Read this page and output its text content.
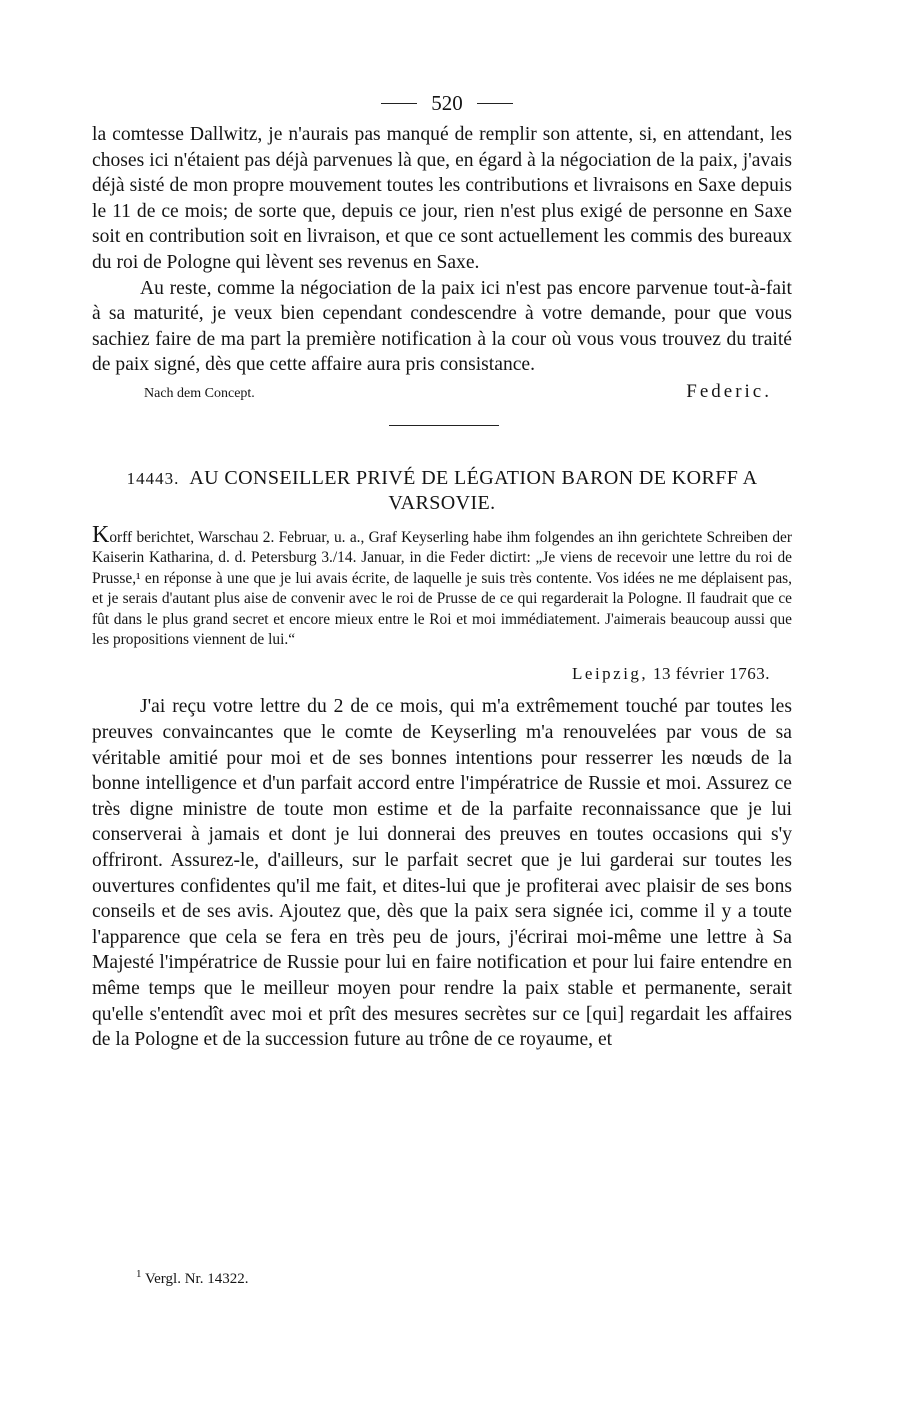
520

la comtesse Dallwitz, je n'aurais pas manqué de remplir son attente, si, en attendant, les choses ici n'étaient pas déjà parvenues là que, en égard à la négociation de la paix, j'avais déjà sisté de mon propre mouvement toutes les contributions et livraisons en Saxe depuis le 11 de ce mois; de sorte que, depuis ce jour, rien n'est plus exigé de personne en Saxe soit en contribution soit en livraison, et que ce sont actuellement les commis des bureaux du roi de Pologne qui lèvent ses revenus en Saxe.

Au reste, comme la négociation de la paix ici n'est pas encore parvenue tout-à-fait à sa maturité, je veux bien cependant condescendre à votre demande, pour que vous sachiez faire de ma part la première notification à la cour où vous vous trouvez du traité de paix signé, dès que cette affaire aura pris consistance.

Nach dem Concept.	Federic.
14443. AU CONSEILLER PRIVÉ DE LÉGATION BARON DE KORFF A VARSOVIE.
Korff berichtet, Warschau 2. Februar, u. a., Graf Keyserling habe ihm folgendes an ihn gerichtete Schreiben der Kaiserin Katharina, d. d. Petersburg 3./14. Januar, in die Feder dictirt: „Je viens de recevoir une lettre du roi de Prusse,¹ en réponse à une que je lui avais écrite, de laquelle je suis très contente. Vos idées ne me déplaisent pas, et je serais d'autant plus aise de convenir avec le roi de Prusse de ce qui regarderait la Pologne. Il faudrait que ce fût dans le plus grand secret et encore mieux entre le Roi et moi immédiatement. J'aimerais beaucoup aussi que les propositions viennent de lui.“
Leipzig, 13 février 1763.

J'ai reçu votre lettre du 2 de ce mois, qui m'a extrêmement touché par toutes les preuves convaincantes que le comte de Keyserling m'a renouvelées par vous de sa véritable amitié pour moi et de ses bonnes intentions pour resserrer les nœuds de la bonne intelligence et d'un parfait accord entre l'impératrice de Russie et moi. Assurez ce très digne ministre de toute mon estime et de la parfaite reconnaissance que je lui conserverai à jamais et dont je lui donnerai des preuves en toutes occasions qui s'y offriront. Assurez-le, d'ailleurs, sur le parfait secret que je lui garderai sur toutes les ouvertures confidentes qu'il me fait, et dites-lui que je profiterai avec plaisir de ses bons conseils et de ses avis. Ajoutez que, dès que la paix sera signée ici, comme il y a toute l'apparence que cela se fera en très peu de jours, j'écrirai moi-même une lettre à Sa Majesté l'impératrice de Russie pour lui en faire notification et pour lui faire entendre en même temps que le meilleur moyen pour rendre la paix stable et permanente, serait qu'elle s'entendît avec moi et prît des mesures secrètes sur ce [qui] regardait les affaires de la Pologne et de la succession future au trône de ce royaume, et

$^1$ Vergl. Nr. 14322.
